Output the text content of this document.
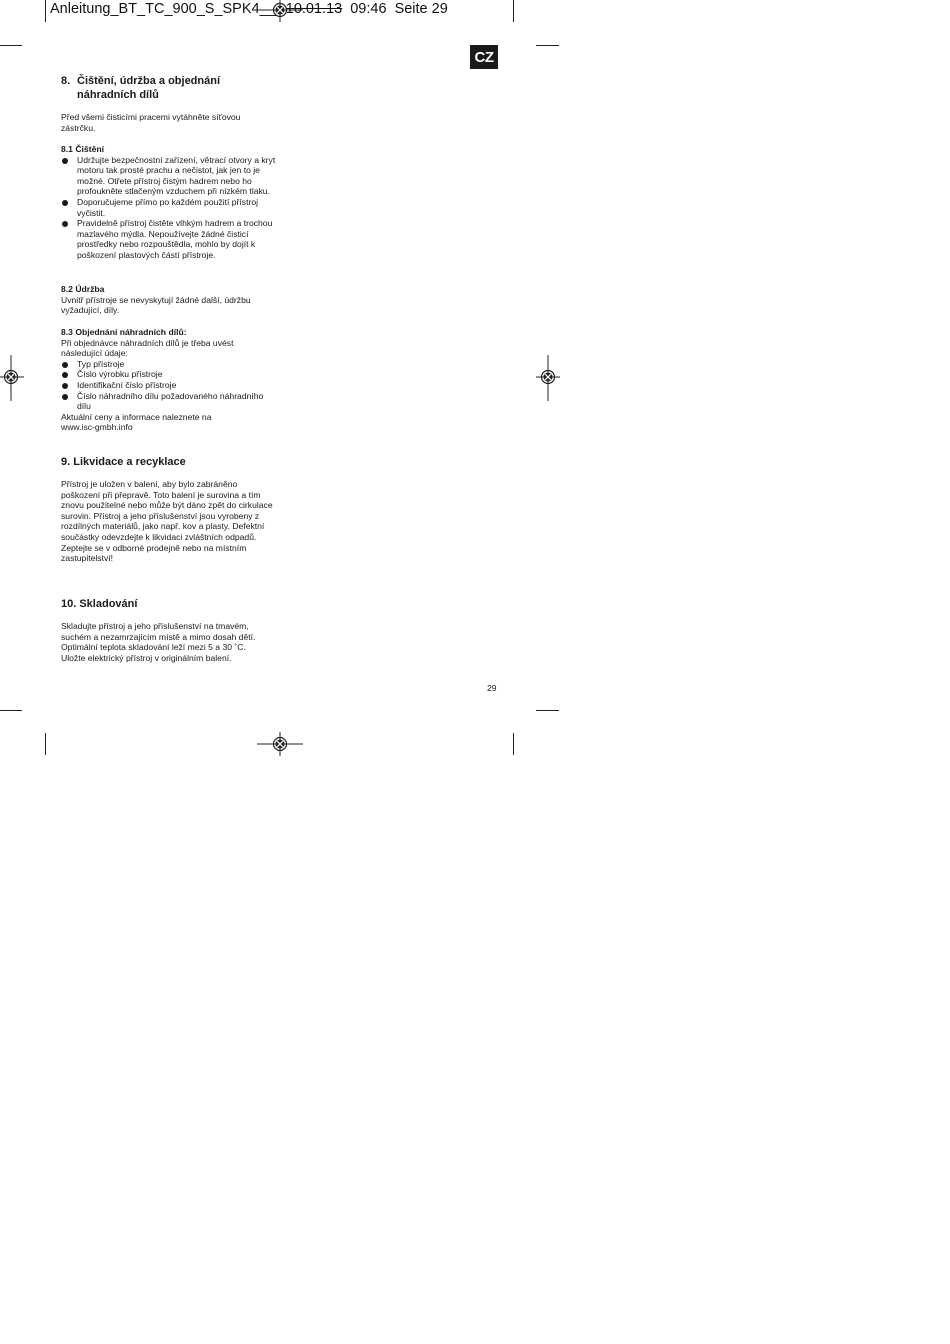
Anleitung_BT_TC_900_S_SPK4__ 10.01.13 09:46 Seite 29
CZ
8. Čištění, údržba a objednání
náhradních dílů

Před všemi čisticími pracemi vytáhněte síťovou zástrčku.

8.1 Čištění

Udržujte bezpečnostní zařízení, větrací otvory a kryt motoru tak prosté prachu a nečistot, jak jen to je možné. Otřete přístroj čistým hadrem nebo ho profoukněte stlačeným vzduchem při nízkém tlaku.
Doporučujeme přímo po každém použití přístroj vyčistit.
Pravidelně přístroj čistěte vlhkým hadrem a trochou mazlavého mýdla. Nepoužívejte žádné čisticí prostředky nebo rozpouštědla, mohlo by dojít k poškození plastových částí přístroje.

8.2 Údržba

Uvnitř přístroje se nevyskytují žádné další, údržbu vyžadující, díly.

8.3 Objednání náhradních dílů:

Při objednávce náhradních dílů je třeba uvést následující údaje:

Typ přístroje
Číslo výrobku přístroje
Identifikační číslo přístroje
Číslo náhradního dílu požadovaného náhradního dílu

Aktuální ceny a informace naleznete na www.isc-gmbh.info

9. Likvidace a recyklace

Přístroj je uložen v balení, aby bylo zabráněno poškození při přepravě. Toto balení je surovina a tím znovu použitelné nebo může být dáno zpět do cirkulace surovin. Přístroj a jeho příslušenství jsou vyrobeny z rozdílných materiálů, jako např. kov a plasty. Defektní součástky odevzdejte k likvidaci zvláštních odpadů. Zeptejte se v odborné prodejně nebo na místním zastupitelství!

10. Skladování

Skladujte přístroj a jeho příslušenství na tmavém, suchém a nezamrzajícím místě a mimo dosah dětí. Optimální teplota skladování leží mezi 5 a 30 ˚C. Uložte elektrický přístroj v originálním balení.

29
